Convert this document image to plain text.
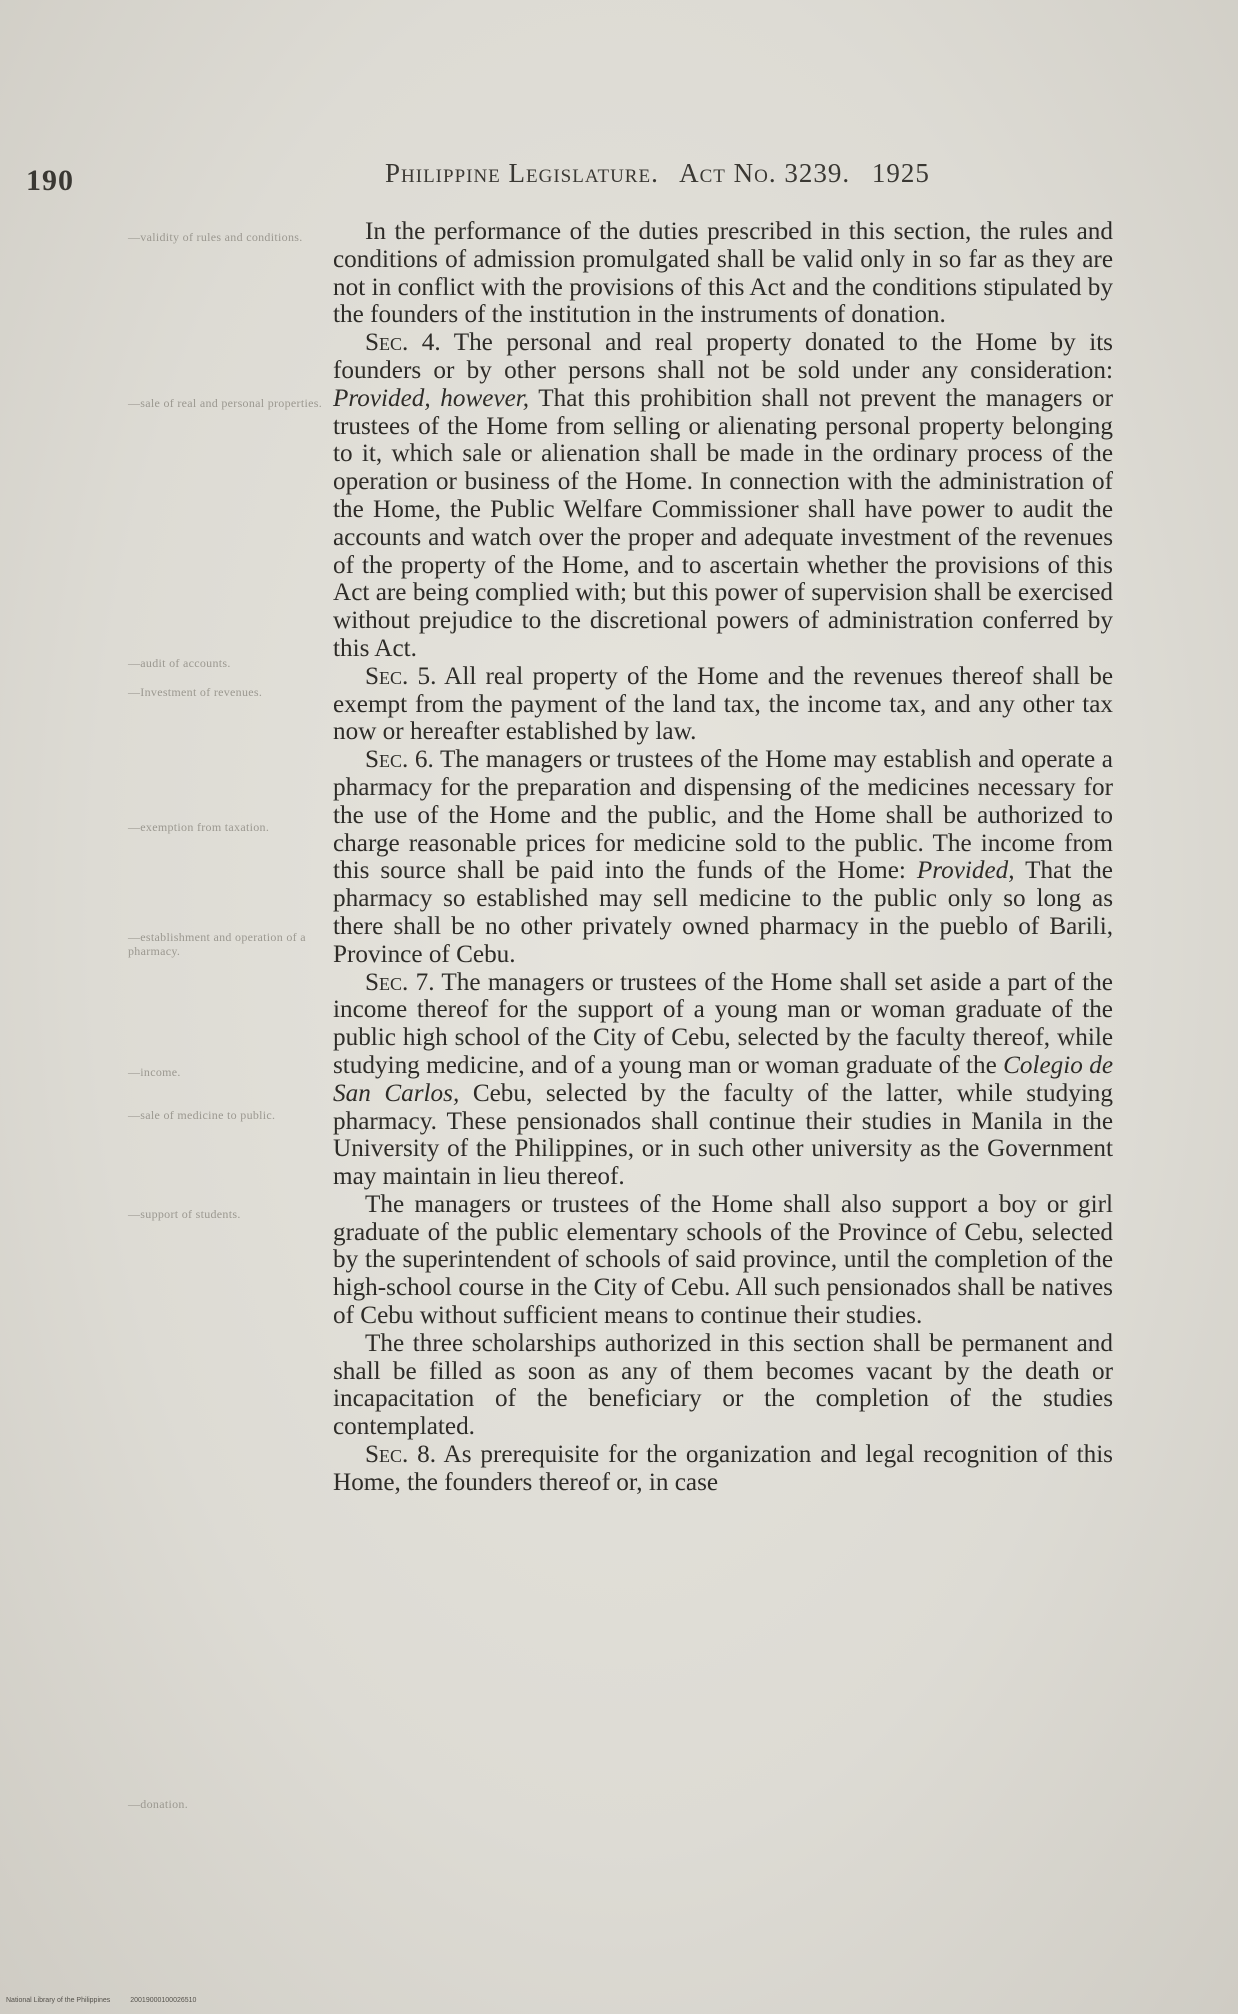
190	Philippine Legislature. Act No. 3239. 1925
—validity of rules and conditions.
—sale of real and personal properties.
—audit of accounts.
—Investment of revenues.
—exemption from taxation.
—establishment and operation of a pharmacy.
—income.
—sale of medicine to public.
—support of students.
—donation.

In the performance of the duties prescribed in this section, the rules and conditions of admission promulgated shall be valid only in so far as they are not in conflict with the provisions of this Act and the conditions stipulated by the founders of the institution in the instruments of donation.

Sec. 4. The personal and real property donated to the Home by its founders or by other persons shall not be sold under any consideration: Provided, however, That this prohibition shall not prevent the managers or trustees of the Home from selling or alienating personal property belonging to it, which sale or alienation shall be made in the ordinary process of the operation or business of the Home. In connection with the administration of the Home, the Public Welfare Commissioner shall have power to audit the accounts and watch over the proper and adequate investment of the revenues of the property of the Home, and to ascertain whether the provisions of this Act are being complied with; but this power of supervision shall be exercised without prejudice to the discretional powers of administration conferred by this Act.

Sec. 5. All real property of the Home and the revenues thereof shall be exempt from the payment of the land tax, the income tax, and any other tax now or hereafter established by law.

Sec. 6. The managers or trustees of the Home may establish and operate a pharmacy for the preparation and dispensing of the medicines necessary for the use of the Home and the public, and the Home shall be authorized to charge reasonable prices for medicine sold to the public. The income from this source shall be paid into the funds of the Home: Provided, That the pharmacy so established may sell medicine to the public only so long as there shall be no other privately owned pharmacy in the pueblo of Barili, Province of Cebu.

Sec. 7. The managers or trustees of the Home shall set aside a part of the income thereof for the support of a young man or woman graduate of the public high school of the City of Cebu, selected by the faculty thereof, while studying medicine, and of a young man or woman graduate of the Colegio de San Carlos, Cebu, selected by the faculty of the latter, while studying pharmacy. These pensionados shall continue their studies in Manila in the University of the Philippines, or in such other university as the Government may maintain in lieu thereof.

The managers or trustees of the Home shall also support a boy or girl graduate of the public elementary schools of the Province of Cebu, selected by the superintendent of schools of said province, until the completion of the high-school course in the City of Cebu. All such pensionados shall be natives of Cebu without sufficient means to continue their studies.

The three scholarships authorized in this section shall be permanent and shall be filled as soon as any of them becomes vacant by the death or incapacitation of the beneficiary or the completion of the studies contemplated.

Sec. 8. As prerequisite for the organization and legal recognition of this Home, the founders thereof or, in case

National Library of the Philippines	20019000100026510
